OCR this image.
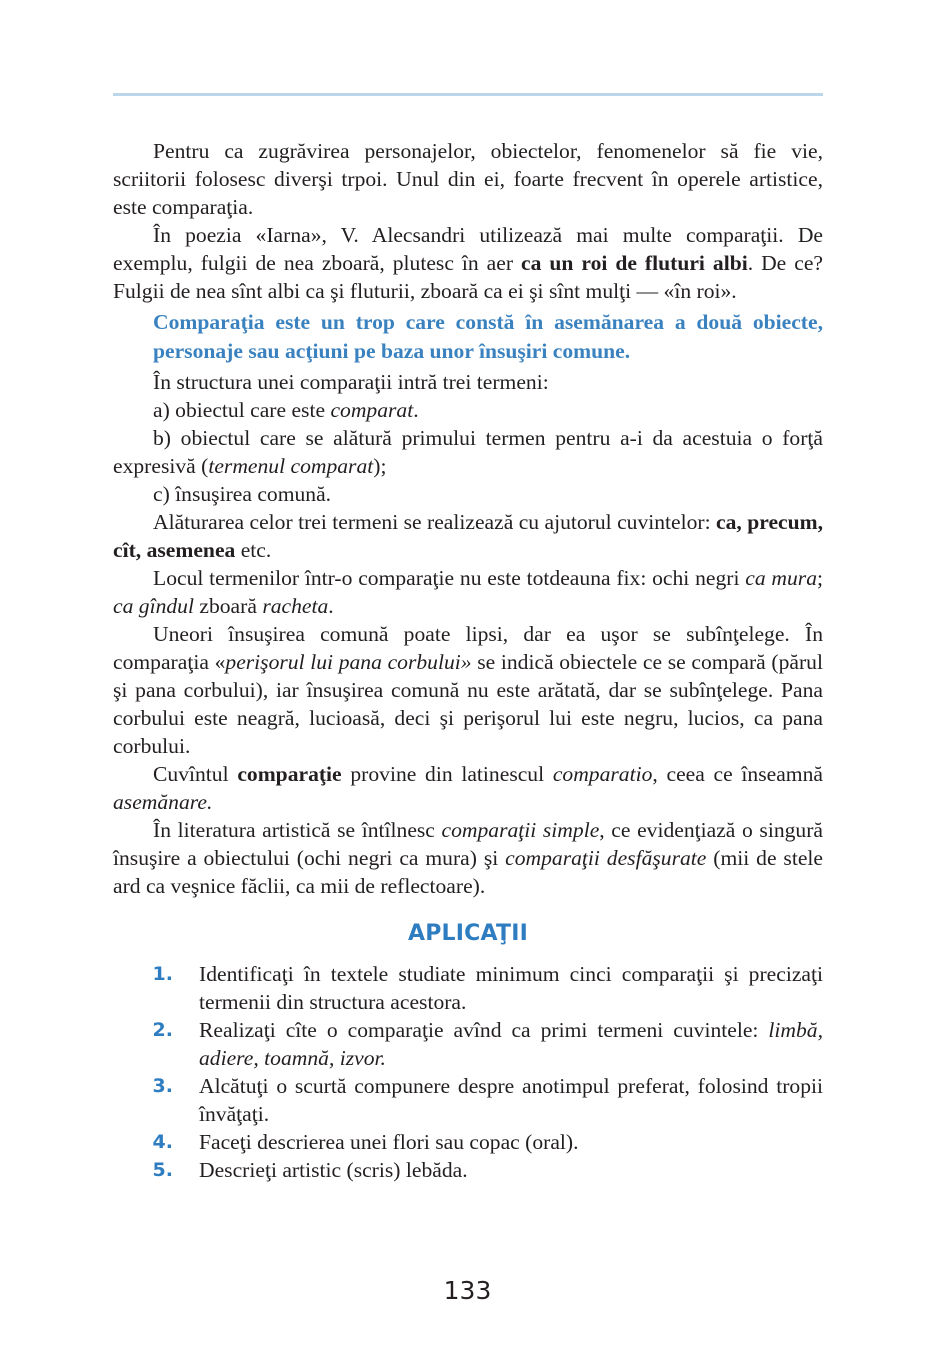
Pentru ca zugrăvirea personajelor, obiectelor, fenomenelor să fie vie, scriitorii folosesc diverşi trpoi. Unul din ei, foarte frecvent în operele artistice, este comparaţia.

În poezia «Iarna», V. Alecsandri utilizează mai multe comparaţii. De exemplu, fulgii de nea zboară, plutesc în aer ca un roi de fluturi albi. De ce? Fulgii de nea sînt albi ca şi fluturii, zboară ca ei şi sînt mulţi — «în roi».

Comparaţia este un trop care constă în asemănarea a două obiecte, personaje sau acţiuni pe baza unor însuşiri comune.

În structura unei comparaţii intră trei termeni:

a) obiectul care este comparat.

b) obiectul care se alătură primului termen pentru a-i da acestuia o forţă expresivă (termenul comparat);

c) însuşirea comună.

Alăturarea celor trei termeni se realizează cu ajutorul cuvintelor: ca, precum, cît, asemenea etc.

Locul termenilor într-o comparaţie nu este totdeauna fix: ochi negri ca mura; ca gîndul zboară racheta.

Uneori însuşirea comună poate lipsi, dar ea uşor se subînţelege. În comparaţia «perişorul lui pana corbului» se indică obiectele ce se compară (părul şi pana corbului), iar însuşirea comună nu este arătată, dar se subînţelege. Pana corbului este neagră, lucioasă, deci şi perişorul lui este negru, lucios, ca pana corbului.

Cuvîntul comparaţie provine din latinescul comparatio, ceea ce înseamnă asemănare.

În literatura artistică se întîlnesc comparaţii simple, ce evidenţiază o singură însuşire a obiectului (ochi negri ca mura) şi comparaţii desfăşurate (mii de stele ard ca veşnice făclii, ca mii de reflectoare).

APLICAŢII
1.	Identificaţi în textele studiate minimum cinci comparaţii şi precizaţi termenii din structura acestora.
2.	Realizaţi cîte o comparaţie avînd ca primi termeni cuvintele: limbă, adiere, toamnă, izvor.
3.	Alcătuţi o scurtă compunere despre anotimpul preferat, folosind tropii învăţaţi.
4.	Faceţi descrierea unei flori sau copac (oral).
5.	Descrieţi artistic (scris) lebăda.
133
